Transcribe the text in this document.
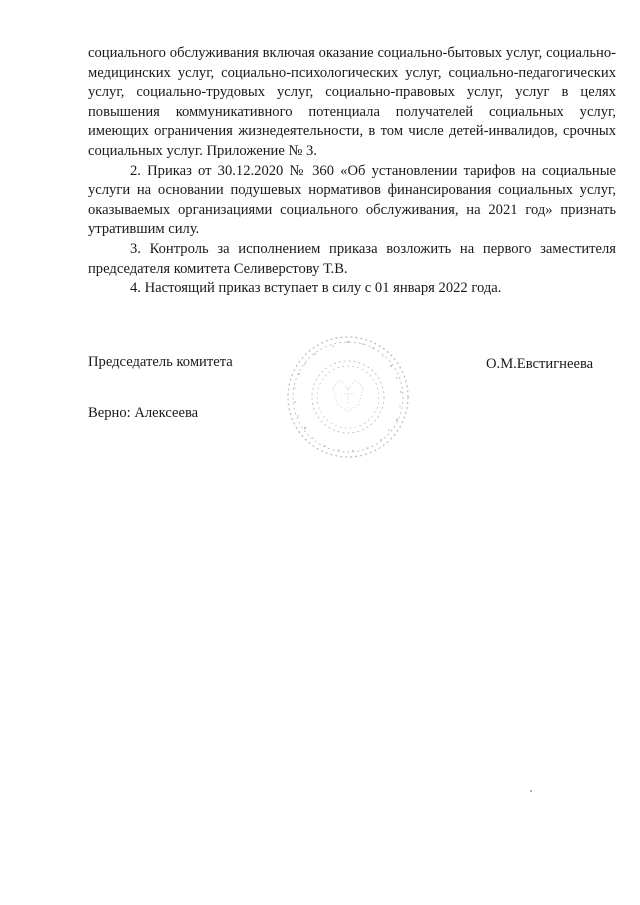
социального обслуживания включая оказание социально-бытовых услуг, социально-медицинских услуг, социально-психологических услуг, социально-педагогических услуг, социально-трудовых услуг, социально-правовых услуг, услуг в целях повышения коммуникативного потенциала получателей социальных услуг, имеющих ограничения жизнедеятельности, в том числе детей-инвалидов, срочных социальных услуг. Приложение № 3.

2. Приказ от 30.12.2020 № 360 «Об установлении тарифов на социальные услуги на основании подушевых нормативов финансирования социальных услуг, оказываемых организациями социального обслуживания, на 2021 год» признать утратившим силу.

3. Контроль за исполнением приказа возложить на первого заместителя председателя комитета Селиверстову Т.В.

4. Настоящий приказ вступает в силу с 01 января 2022 года.

Председатель комитета	О.М.Евстигнеева
Верно: Алексеева
